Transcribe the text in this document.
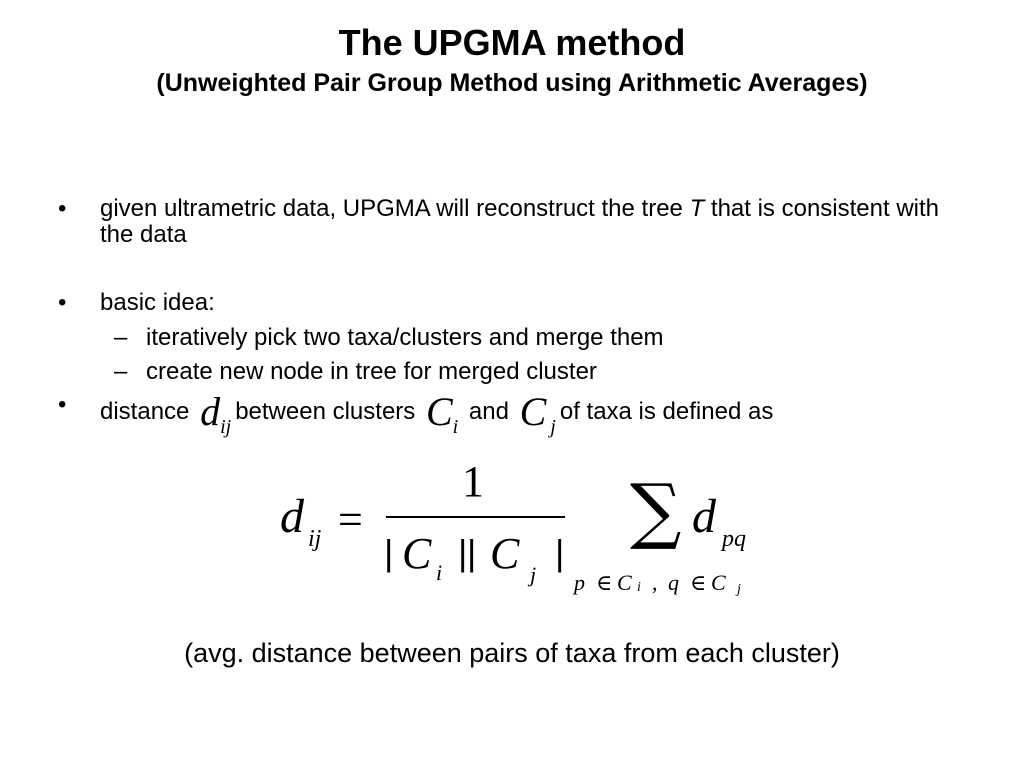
The UPGMA method
(Unweighted Pair Group Method using Arithmetic Averages)
• given ultrametric data, UPGMA will reconstruct the tree T that is consistent with the data
• basic idea:
– iteratively pick two taxa/clusters and merge them
– create new node in tree for merged cluster
• distance $d_{ij}between$ clusters $C_i$ and C $_j$of taxa is defined as
d ij =
1
| C i | | C j
|
∑ d pq
p ∈ C i , q ∈ C j
(avg. distance between pairs of taxa from each cluster)
